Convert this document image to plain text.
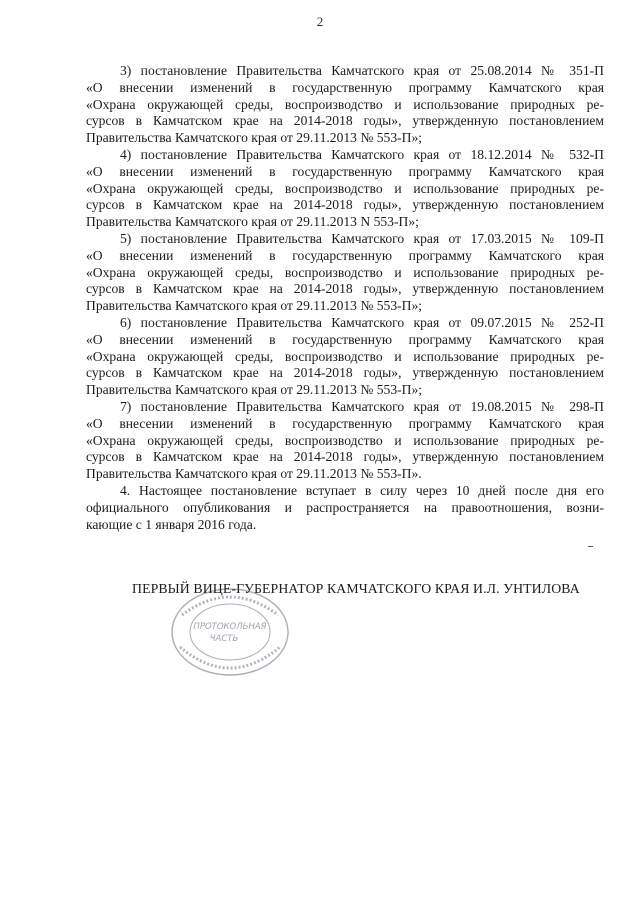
2
3) постановление Правительства Камчатского края от 25.08.2014 № 351-П
«О внесении изменений в государственную программу Камчатского края
«Охрана окружающей среды, воспроизводство и использование природных ре-
сурсов в Камчатском крае на 2014-2018 годы», утвержденную постановлением
Правительства Камчатского края от 29.11.2013 № 553-П»;
4) постановление Правительства Камчатского края от 18.12.2014 № 532-П
«О внесении изменений в государственную программу Камчатского края
«Охрана окружающей среды, воспроизводство и использование природных ре-
сурсов в Камчатском крае на 2014-2018 годы», утвержденную постановлением
Правительства Камчатского края от 29.11.2013 N 553-П»;
5) постановление Правительства Камчатского края от 17.03.2015 № 109-П
«О внесении изменений в государственную программу Камчатского края
«Охрана окружающей среды, воспроизводство и использование природных ре-
сурсов в Камчатском крае на 2014-2018 годы», утвержденную постановлением
Правительства Камчатского края от 29.11.2013 № 553-П»;
6) постановление Правительства Камчатского края от 09.07.2015 № 252-П
«О внесении изменений в государственную программу Камчатского края
«Охрана окружающей среды, воспроизводство и использование природных ре-
сурсов в Камчатском крае на 2014-2018 годы», утвержденную постановлением
Правительства Камчатского края от 29.11.2013 № 553-П»;
7) постановление Правительства Камчатского края от 19.08.2015 № 298-П
«О внесении изменений в государственную программу Камчатского края
«Охрана окружающей среды, воспроизводство и использование природных ре-
сурсов в Камчатском крае на 2014-2018 годы», утвержденную постановлением
Правительства Камчатского края от 29.11.2013 № 553-П».
4. Настоящее постановление вступает в силу через 10 дней после дня его
официального опубликования и распространяется на правоотношения, возни-
кающие с 1 января 2016 года.
ПРОТОКОЛЬНАЯ
ЧАСТЬ
ПЕРВЫЙ ВИЦЕ-ГУБЕРНАТОР КАМЧАТСКОГО КРАЯ И.Л. УНТИЛОВА
